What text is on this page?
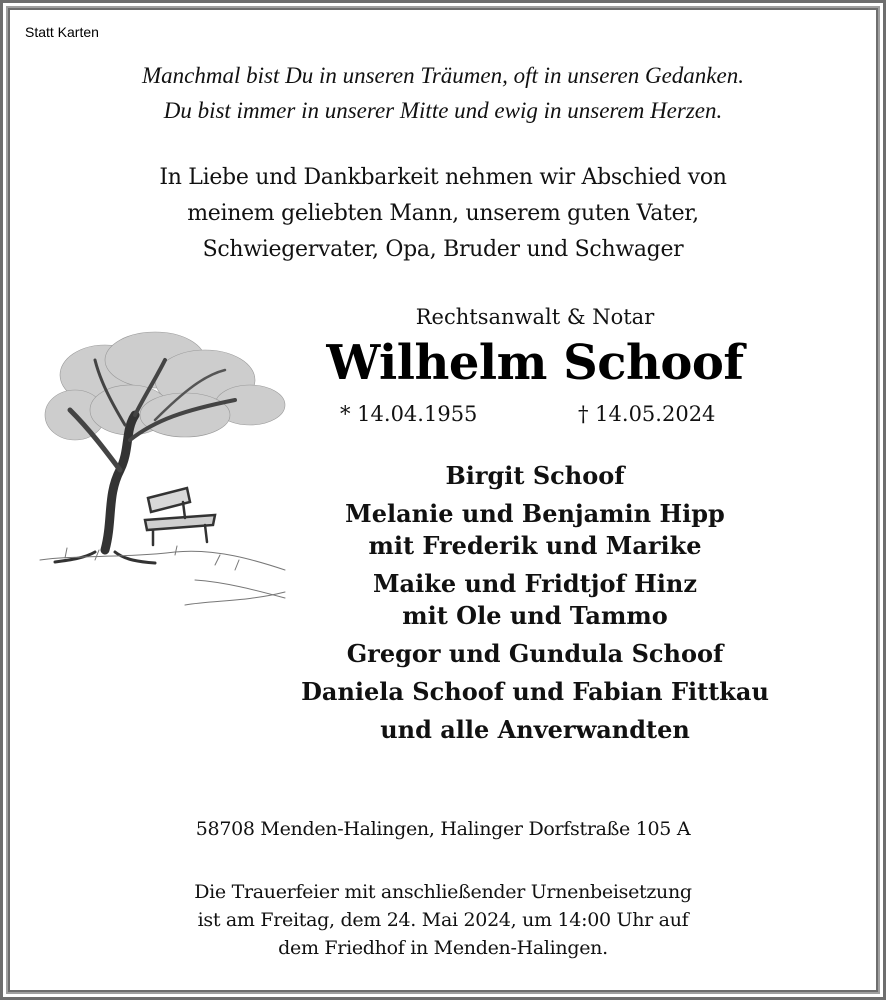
Statt Karten
Manchmal bist Du in unseren Träumen, oft in unseren Gedanken.
Du bist immer in unserer Mitte und ewig in unserem Herzen.
In Liebe und Dankbarkeit nehmen wir Abschied von
meinem geliebten Mann, unserem guten Vater,
Schwiegervater, Opa, Bruder und Schwager
Rechtsanwalt & Notar
Wilhelm Schoof
* 14.04.1955	† 14.05.2024
Birgit Schoof
Melanie und Benjamin Hipp
mit Frederik und Marike
Maike und Fridtjof Hinz
mit Ole und Tammo
Gregor und Gundula Schoof
Daniela Schoof und Fabian Fittkau
und alle Anverwandten
58708 Menden-Halingen, Halinger Dorfstraße 105 A
Die Trauerfeier mit anschließender Urnenbeisetzung
ist am Freitag, dem 24. Mai 2024, um 14:00 Uhr auf
dem Friedhof in Menden-Halingen.
